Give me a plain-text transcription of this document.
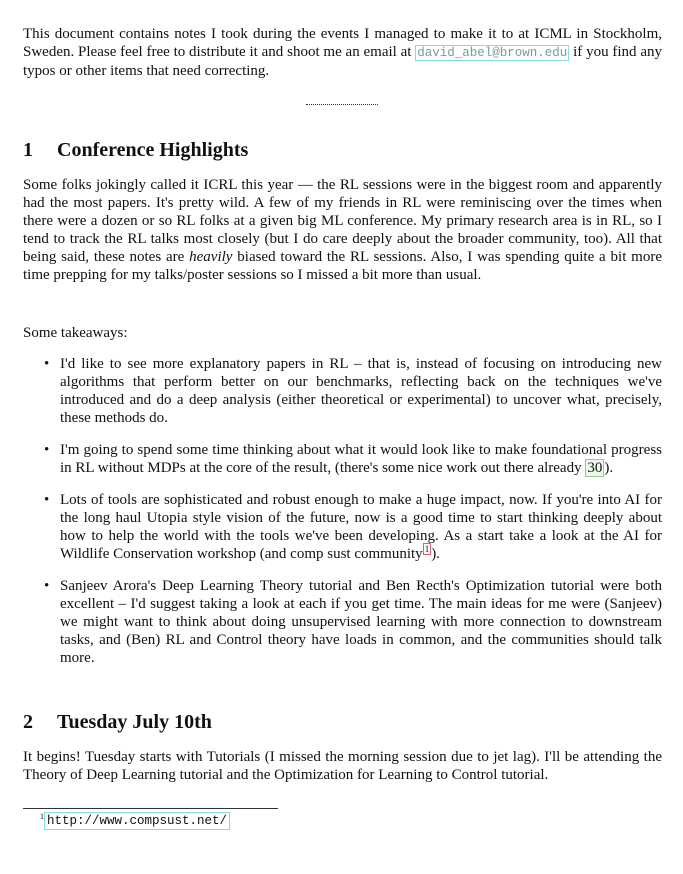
This document contains notes I took during the events I managed to make it to at ICML in Stockholm, Sweden. Please feel free to distribute it and shoot me an email at david_abel@brown.edu if you find any typos or other items that need correcting.
1 Conference Highlights
Some folks jokingly called it ICRL this year — the RL sessions were in the biggest room and apparently had the most papers. It's pretty wild. A few of my friends in RL were reminiscing over the times when there were a dozen or so RL folks at a given big ML conference. My primary research area is in RL, so I tend to track the RL talks most closely (but I do care deeply about the broader community, too). All that being said, these notes are heavily biased toward the RL sessions. Also, I was spending quite a bit more time prepping for my talks/poster sessions so I missed a bit more than usual.
Some takeaways:
• I'd like to see more explanatory papers in RL – that is, instead of focusing on introducing new algorithms that perform better on our benchmarks, reflecting back on the techniques we've introduced and do a deep analysis (either theoretical or experimental) to uncover what, precisely, these methods do.
• I'm going to spend some time thinking about what it would look like to make foundational progress in RL without MDPs at the core of the result, (there's some nice work out there already 30 ).
• Lots of tools are sophisticated and robust enough to make a huge impact, now. If you're into AI for the long haul Utopia style vision of the future, now is a good time to start thinking deeply about how to help the world with the tools we've been developing. As a start take a look at the AI for Wildlife Conservation workshop (and comp sust community $^1$ ).
• Sanjeev Arora's Deep Learning Theory tutorial and Ben Recth's Optimization tutorial were both excellent – I'd suggest taking a look at each if you get time. The main ideas for me were (Sanjeev) we might want to think about doing unsupervised learning with more connection to downstream tasks, and (Ben) RL and Control theory have loads in common, and the communities should talk more.
2 Tuesday July 10th
It begins! Tuesday starts with Tutorials (I missed the morning session due to jet lag). I'll be attending the Theory of Deep Learning tutorial and the Optimization for Learning to Control tutorial.
$^1$ http://www.compsust.net/
